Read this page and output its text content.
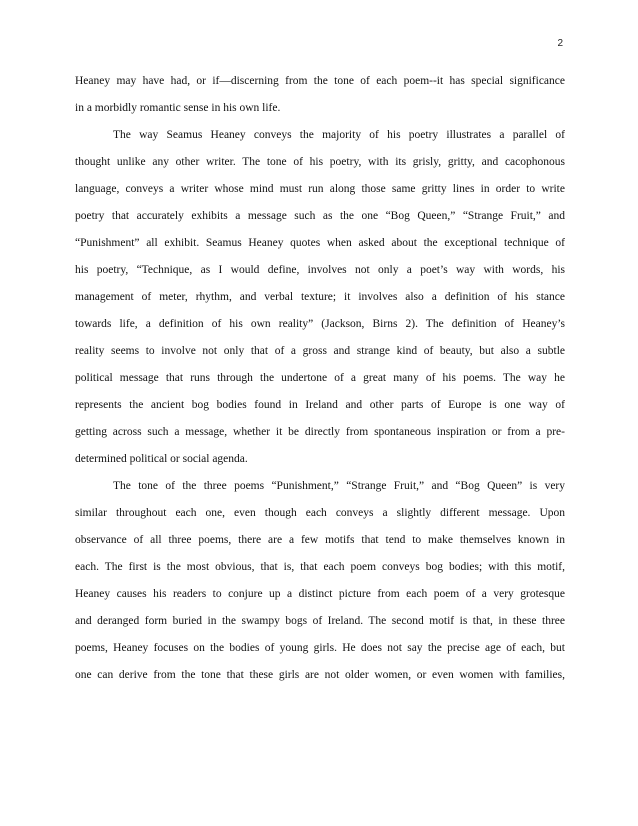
2
Heaney may have had, or if—discerning from the tone of each poem--it has special significance
in a morbidly romantic sense in his own life.
The way Seamus Heaney conveys the majority of his poetry illustrates a parallel of
thought unlike any other writer. The tone of his poetry, with its grisly, gritty, and cacophonous
language, conveys a writer whose mind must run along those same gritty lines in order to write
poetry that accurately exhibits a message such as the one “Bog Queen,” “Strange Fruit,” and
“Punishment” all exhibit. Seamus Heaney quotes when asked about the exceptional technique of
his poetry, “Technique, as I would define, involves not only a poet’s way with words, his
management of meter, rhythm, and verbal texture; it involves also a definition of his stance
towards life, a definition of his own reality” (Jackson, Birns 2). The definition of Heaney’s
reality seems to involve not only that of a gross and strange kind of beauty, but also a subtle
political message that runs through the undertone of a great many of his poems. The way he
represents the ancient bog bodies found in Ireland and other parts of Europe is one way of
getting across such a message, whether it be directly from spontaneous inspiration or from a pre-
determined political or social agenda.
The tone of the three poems “Punishment,” “Strange Fruit,” and “Bog Queen” is very
similar throughout each one, even though each conveys a slightly different message. Upon
observance of all three poems, there are a few motifs that tend to make themselves known in
each. The first is the most obvious, that is, that each poem conveys bog bodies; with this motif,
Heaney causes his readers to conjure up a distinct picture from each poem of a very grotesque
and deranged form buried in the swampy bogs of Ireland. The second motif is that, in these three
poems, Heaney focuses on the bodies of young girls. He does not say the precise age of each, but
one can derive from the tone that these girls are not older women, or even women with families,
